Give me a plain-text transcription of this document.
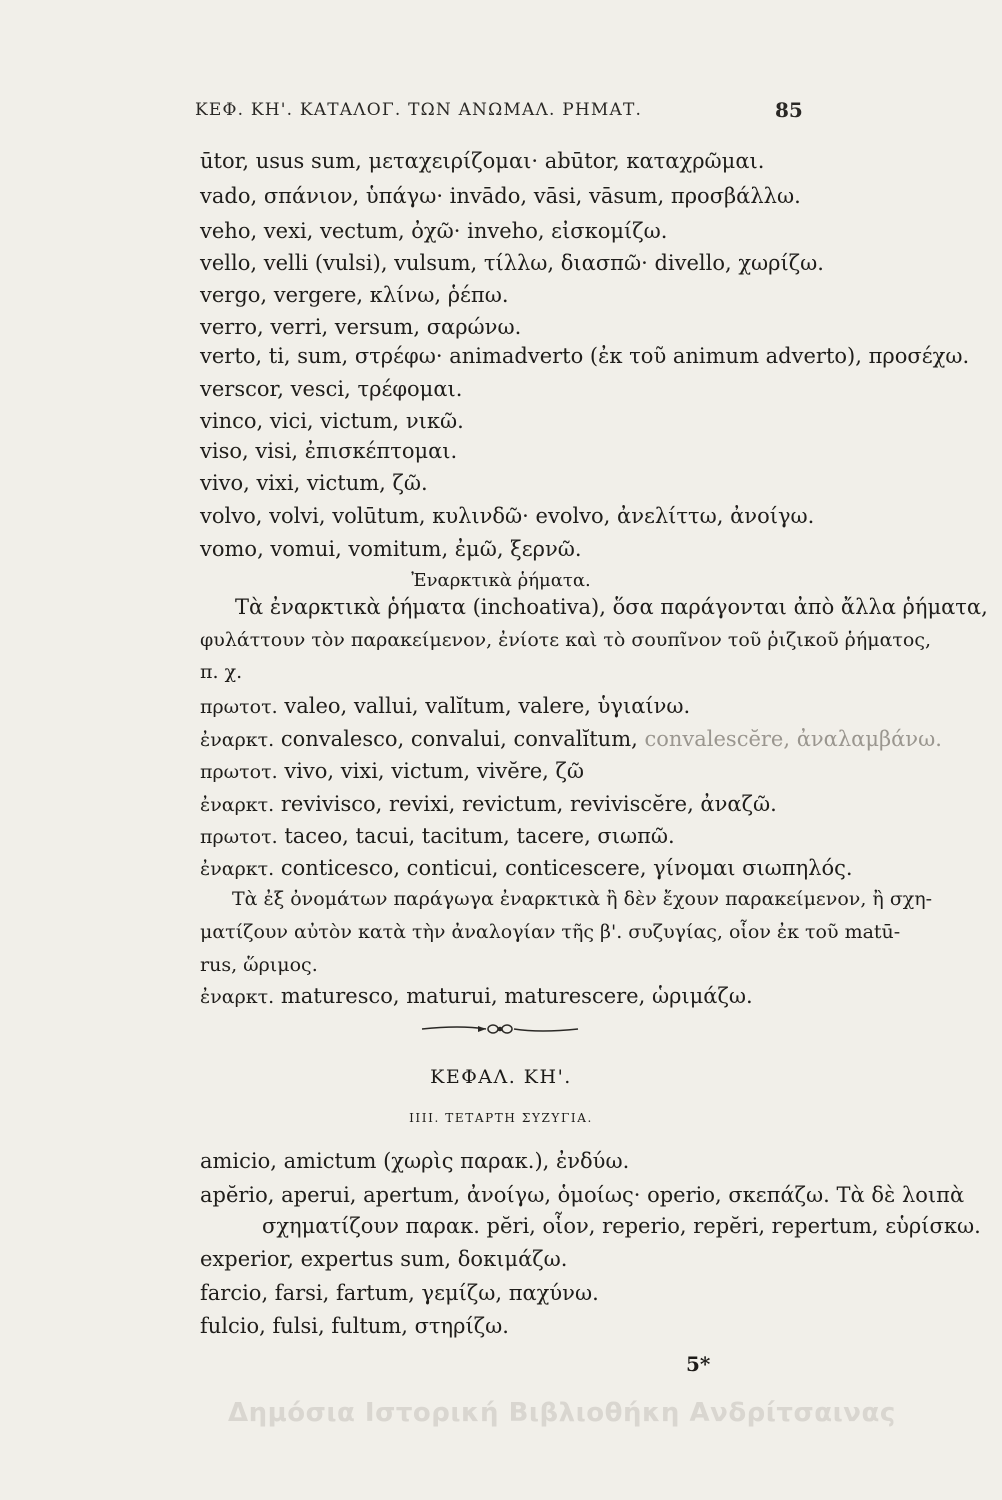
ΚΕΦ. ΚΗ'. ΚΑΤΑΛΟΓ. ΤΩΝ ΑΝΩΜΑΛ. ΡΗΜΑΤ.	85
ūtor, usus sum, μεταχειρίζομαι· abūtor, καταχρῶμαι.
vado, σπάνιον, ὑπάγω· invādo, vāsi, vāsum, προσβάλλω.
veho, vexi, vectum, ὀχῶ· inveho, εἰσκομίζω.
vello, velli (vulsi), vulsum, τίλλω, διασπῶ· divello, χωρίζω.
vergo, vergere, κλίνω, ῥέπω.
verro, verri, versum, σαρώνω.
verto, ti, sum, στρέφω· animadverto (ἐκ τοῦ animum adverto), προσέχω.
verscor, vesci, τρέφομαι.
vinco, vici, victum, νικῶ.
viso, visi, ἐπισκέπτομαι.
vivo, vixi, victum, ζῶ.
volvo, volvi, volūtum, κυλινδῶ· evolvo, ἀνελίττω, ἀνοίγω.
vomo, vomui, vomitum, ἐμῶ, ξερνῶ.
Ἐναρκτικὰ ῥήματα.
Τὰ ἐναρκτικὰ ῥήματα (inchoativa), ὅσα παράγονται ἀπὸ ἄλλα ῥήματα,
φυλάττουν τὸν παρακείμενον, ἐνίοτε καὶ τὸ σουπῖνον τοῦ ῥιζικοῦ ῥήματος,
π. χ.
πρωτοτ. valeo, vallui, valĭtum, valere, ὑγιαίνω.
ἐναρκτ. convalesco, convalui, convalĭtum, convalescĕre, ἀναλαμβάνω.
πρωτοτ. vivo, vixi, victum, vivĕre, ζῶ
ἐναρκτ. revivisco, revixi, revictum, reviviscĕre, ἀναζῶ.
πρωτοτ. taceo, tacui, tacitum, tacere, σιωπῶ.
ἐναρκτ. conticesco, conticui, conticescere, γίνομαι σιωπηλός.
Τὰ ἐξ ὀνομάτων παράγωγα ἐναρκτικὰ ἢ δὲν ἔχουν παρακείμενον, ἢ σχη-
ματίζουν αὐτὸν κατὰ τὴν ἀναλογίαν τῆς β'. συζυγίας, οἷον ἐκ τοῦ matū-
rus, ὥριμος.
ἐναρκτ. maturesco, maturui, maturescere, ὡριμάζω.
ΚΕΦΑΛ. ΚΗ'.
IIII. ΤΕΤΑΡΤΗ ΣΥΖΥΓΙΑ.
amicio, amictum (χωρὶς παρακ.), ἐνδύω.
apĕrio, aperui, apertum, ἀνοίγω, ὁμοίως· operio, σκεπάζω. Τὰ δὲ λοιπὰ
σχηματίζουν παρακ. pĕri, οἷον, reperio, repĕri, repertum, εὑρίσκω.
experior, expertus sum, δοκιμάζω.
farcio, farsi, fartum, γεμίζω, παχύνω.
fulcio, fulsi, fultum, στηρίζω.
5*
Δημόσια Ιστορική Βιβλιοθήκη Ανδρίτσαινας
